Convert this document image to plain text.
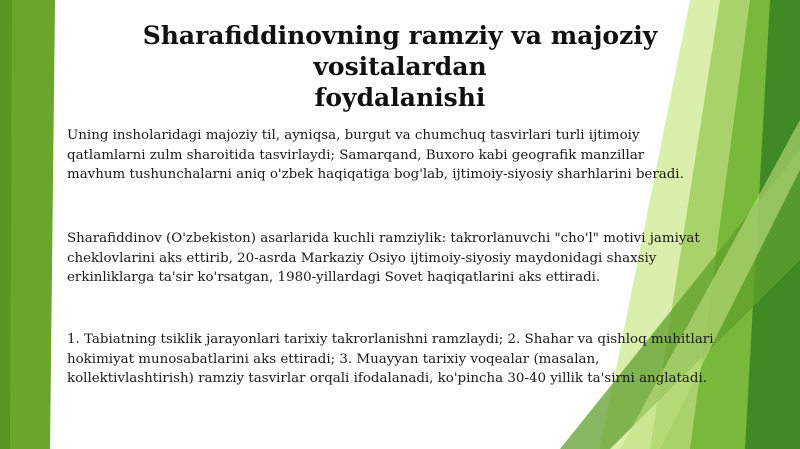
Sharafiddinovning ramziy va majoziy vositalardan
foydalanishi
Uning insholaridagi majoziy til, ayniqsa, burgut va chumchuq tasvirlari turli ijtimoiy
qatlamlarni zulm sharoitida tasvirlaydi; Samarqand, Buxoro kabi geografik manzillar
mavhum tushunchalarni aniq o'zbek haqiqatiga bog'lab, ijtimoiy-siyosiy sharhlarini beradi.
Sharafiddinov (O'zbekiston) asarlarida kuchli ramziylik: takrorlanuvchi "cho'l" motivi jamiyat
cheklovlarini aks ettirib, 20-asrda Markaziy Osiyo ijtimoiy-siyosiy maydonidagi shaxsiy
erkinliklarga ta'sir ko'rsatgan, 1980-yillardagi Sovet haqiqatlarini aks ettiradi.
1. Tabiatning tsiklik jarayonlari tarixiy takrorlanishni ramzlaydi; 2. Shahar va qishloq muhitlari
hokimiyat munosabatlarini aks ettiradi; 3. Muayyan tarixiy voqealar (masalan,
kollektivlashtirish) ramziy tasvirlar orqali ifodalanadi, ko'pincha 30-40 yillik ta'sirni anglatadi.
